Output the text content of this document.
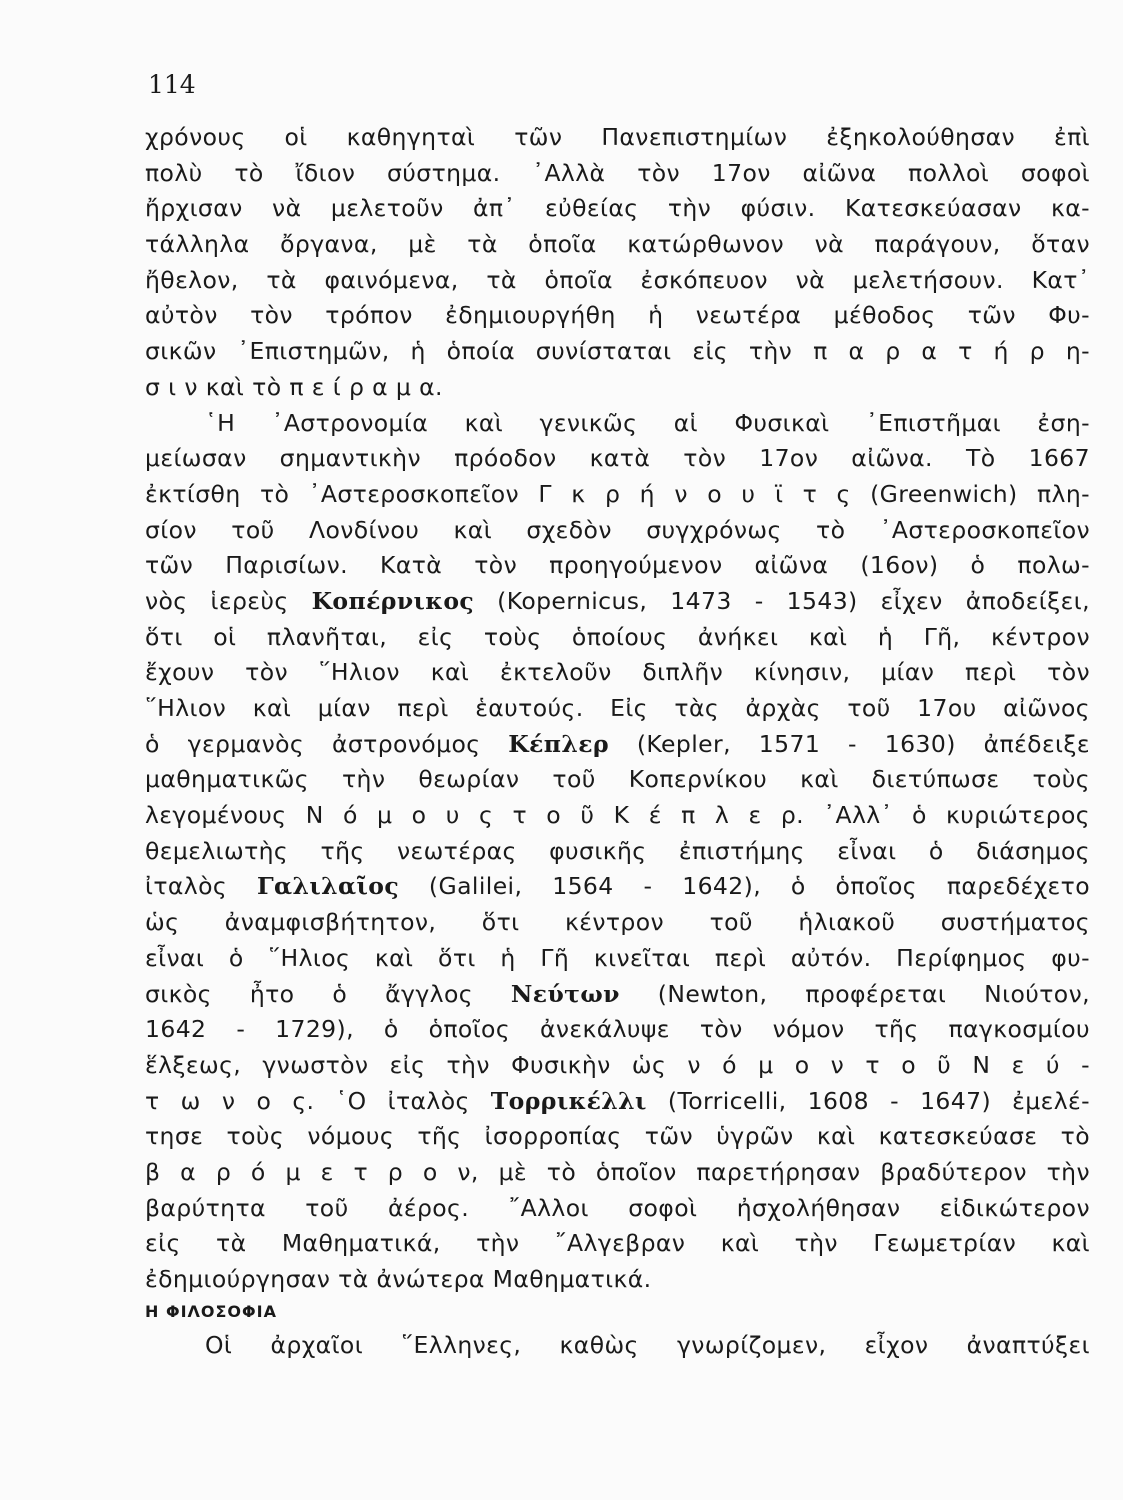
114
χρόνους οἱ καθηγηταὶ τῶν Πανεπιστημίων ἐξηκολούθησαν ἐπὶ
πολὺ τὸ ἴδιον σύστημα. ᾿Αλλὰ τὸν 17ον αἰῶνα πολλοὶ σοφοὶ
ἤρχισαν νὰ μελετοῦν ἀπ᾿ εὐθείας τὴν φύσιν. Κατεσκεύασαν κα-
τάλληλα ὄργανα, μὲ τὰ ὁποῖα κατώρθωνον νὰ παράγουν, ὅταν
ἤθελον, τὰ φαινόμενα, τὰ ὁποῖα ἐσκόπευον νὰ μελετήσουν. Κατ᾿
αὐτὸν τὸν τρόπον ἐδημιουργήθη ἡ νεωτέρα μέθοδος τῶν Φυ-
σικῶν ᾿Επιστημῶν, ἡ ὁποία συνίσταται εἰς τὴν π α ρ α τ ή ρ η-
σ ι ν καὶ τὸ π ε ί ρ α μ α.
῾Η ᾿Αστρονομία καὶ γενικῶς αἱ Φυσικαὶ ᾿Επιστῆμαι ἐση-
μείωσαν σημαντικὴν πρόοδον κατὰ τὸν 17ον αἰῶνα. Τὸ 1667
ἐκτίσθη τὸ ᾿Αστεροσκοπεῖον Γ κ ρ ή ν ο υ ϊ τ ς (Greenwich) πλη-
σίον τοῦ Λονδίνου καὶ σχεδὸν συγχρόνως τὸ ᾿Αστεροσκοπεῖον
τῶν Παρισίων. Κατὰ τὸν προηγούμενον αἰῶνα (16ον) ὁ πολω-
νὸς ἱερεὺς Κοπέρνικος (Kopernicus, 1473 - 1543) εἶχεν ἀποδείξει,
ὅτι οἱ πλανῆται, εἰς τοὺς ὁποίους ἀνήκει καὶ ἡ Γῆ, κέντρον
ἔχουν τὸν ῞Ηλιον καὶ ἐκτελοῦν διπλῆν κίνησιν, μίαν περὶ τὸν
῞Ηλιον καὶ μίαν περὶ ἑαυτούς. Εἰς τὰς ἀρχὰς τοῦ 17ου αἰῶνος
ὁ γερμανὸς ἀστρονόμος Κέπλερ (Kepler, 1571 - 1630) ἀπέδειξε
μαθηματικῶς τὴν θεωρίαν τοῦ Κοπερνίκου καὶ διετύπωσε τοὺς
λεγομένους Ν ό μ ο υ ς τ ο ῦ Κ έ π λ ε ρ. ᾿Αλλ᾿ ὁ κυριώτερος
θεμελιωτὴς τῆς νεωτέρας φυσικῆς ἐπιστήμης εἶναι ὁ διάσημος
ἰταλὸς Γαλιλαῖος (Galilei, 1564 - 1642), ὁ ὁποῖος παρεδέχετο
ὡς ἀναμφισβήτητον, ὅτι κέντρον τοῦ ἡλιακοῦ συστήματος
εἶναι ὁ ῞Ηλιος καὶ ὅτι ἡ Γῆ κινεῖται περὶ αὐτόν. Περίφημος φυ-
σικὸς ἦτο ὁ ἄγγλος Νεύτων (Newton, προφέρεται Νιούτον,
1642 - 1729), ὁ ὁποῖος ἀνεκάλυψε τὸν νόμον τῆς παγκοσμίου
ἕλξεως, γνωστὸν εἰς τὴν Φυσικὴν ὡς ν ό μ ο ν τ ο ῦ Ν ε ύ -
τ ω ν ο ς. ῾Ο ἰταλὸς Τορρικέλλι (Torricelli, 1608 - 1647) ἐμελέ-
τησε τοὺς νόμους τῆς ἰσορροπίας τῶν ὑγρῶν καὶ κατεσκεύασε τὸ
β α ρ ό μ ε τ ρ ο ν, μὲ τὸ ὁποῖον παρετήρησαν βραδύτερον τὴν
βαρύτητα τοῦ ἀέρος. ῎Αλλοι σοφοὶ ἠσχολήθησαν εἰδικώτερον
εἰς τὰ Μαθηματικά, τὴν ῎Αλγεβραν καὶ τὴν Γεωμετρίαν καὶ
ἐδημιούργησαν τὰ ἀνώτερα Μαθηματικά.
Η ΦΙΛΟΣΟΦΙΑ
Οἱ ἀρχαῖοι ῞Ελληνες, καθὼς γνωρίζομεν, εἶχον ἀναπτύξει
